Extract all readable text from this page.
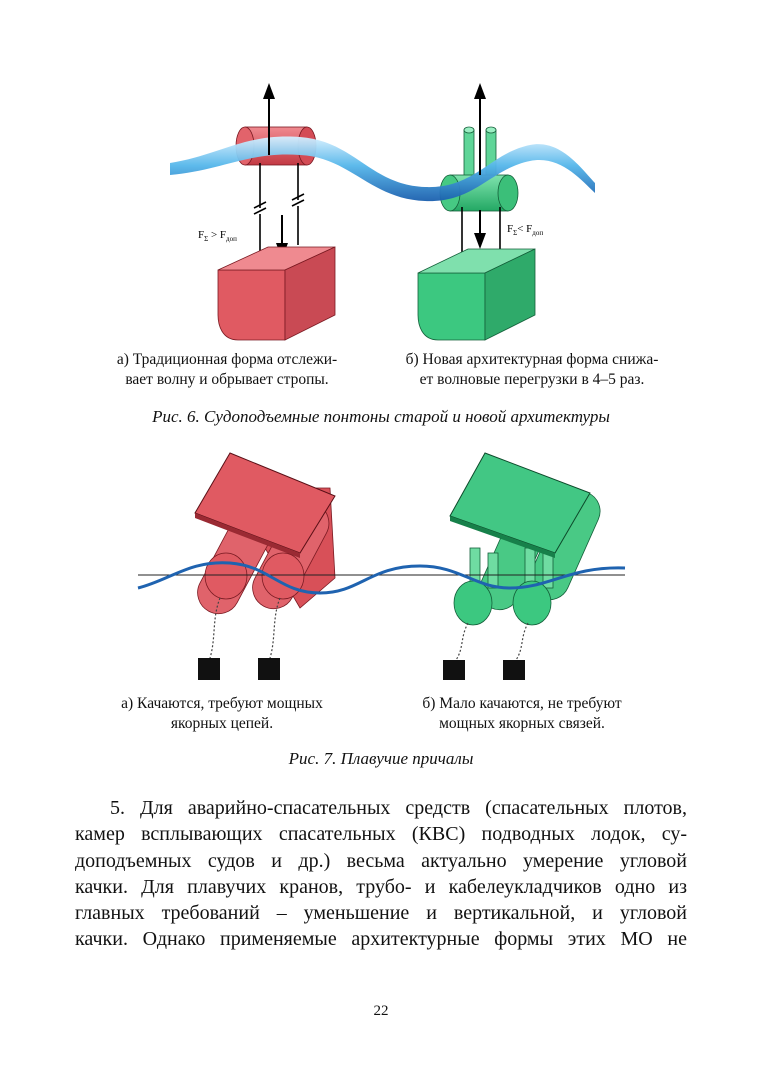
$F_\Sigma > F_{доп}$
$F_\Sigma< F_{доп}$
а) Традиционная форма отслежи-
вает волну и обрывает стропы.
б) Новая архитектурная форма снижа-
ет волновые перегрузки в 4–5 раз.
Рис. 6. Судоподъемные понтоны старой и новой архитектуры
а) Качаются, требуют мощных
якорных цепей.
б) Мало качаются, не требуют
мощных якорных связей.
Рис. 7. Плавучие причалы
5. Для аварийно-спасательных средств (спасательных плотов,
камер всплывающих спасательных (КВС) подводных лодок, су-
доподъемных судов и др.) весьма актуально умерение угловой
качки. Для плавучих кранов, трубо- и кабелеукладчиков одно из
главных требований – уменьшение и вертикальной, и угловой
качки. Однако применяемые архитектурные формы этих МО не
22
